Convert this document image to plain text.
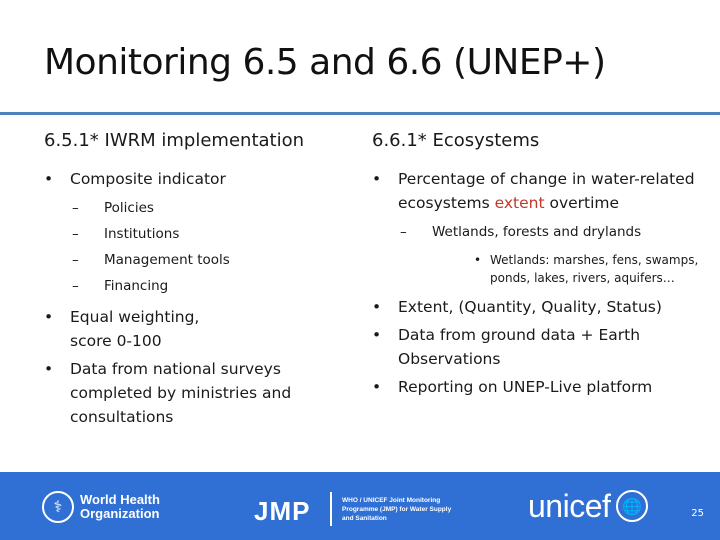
Monitoring 6.5 and 6.6 (UNEP+)
6.5.1* IWRM implementation
• Composite indicator
– Policies
– Institutions
– Management tools
– Financing
• Equal weighting,
score 0-100
• Data from national surveys completed by ministries and consultations
6.6.1* Ecosystems
• Percentage of change in water-related ecosystems extent overtime
– Wetlands, forests and drylands
• Wetlands: marshes, fens, swamps, ponds, lakes, rivers, aquifers…
• Extent, (Quantity, Quality, Status)
• Data from ground data + Earth Observations
• Reporting on UNEP-Live platform
⚕	World Health
Organization	JMP	WHO / UNICEF Joint Monitoring
Programme (JMP) for Water Supply
and Sanitation	unicef 🌐	25
